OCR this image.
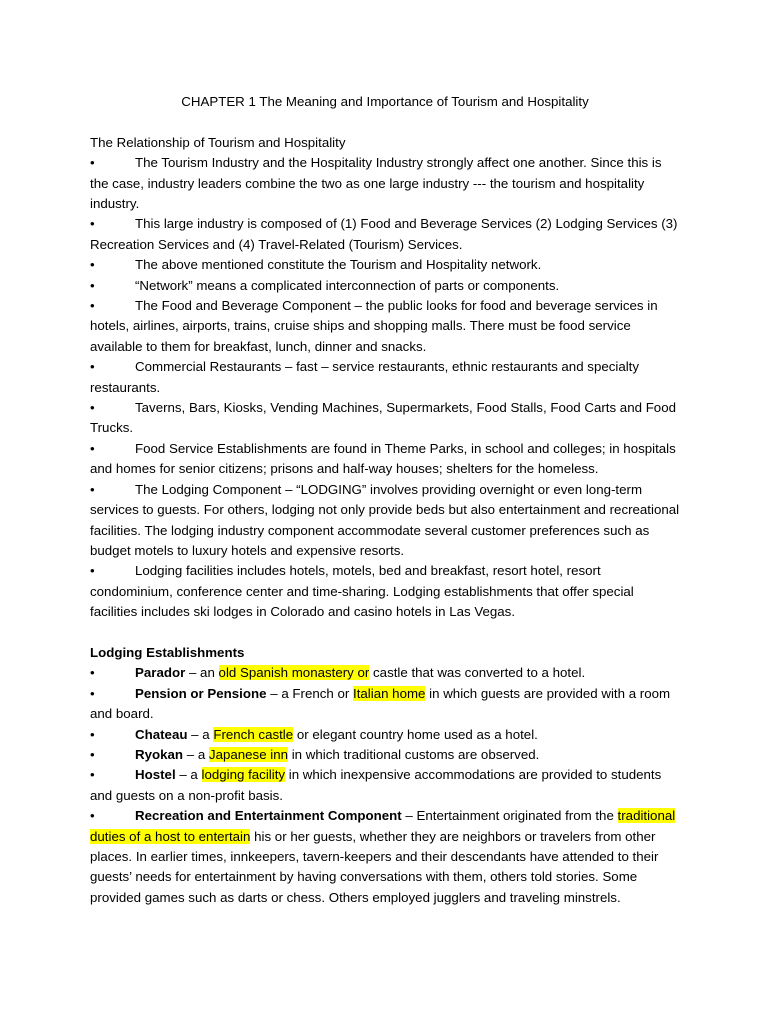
CHAPTER 1 The Meaning and Importance of Tourism and Hospitality
The Relationship of Tourism and Hospitality
•	The Tourism Industry and the Hospitality Industry strongly affect one another. Since this is the case, industry leaders combine the two as one large industry --- the tourism and hospitality industry.
•	This large industry is composed of (1) Food and Beverage Services (2) Lodging Services (3) Recreation Services and (4) Travel-Related (Tourism) Services.
•	The above mentioned constitute the Tourism and Hospitality network.
•	“Network” means a complicated interconnection of parts or components.
•	The Food and Beverage Component – the public looks for food and beverage services in hotels, airlines, airports, trains, cruise ships and shopping malls. There must be food service available to them for breakfast, lunch, dinner and snacks.
•	Commercial Restaurants – fast – service restaurants, ethnic restaurants and specialty restaurants.
•	Taverns, Bars, Kiosks, Vending Machines, Supermarkets, Food Stalls, Food Carts and Food Trucks.
•	Food Service Establishments are found in Theme Parks, in school and colleges; in hospitals and homes for senior citizens; prisons and half-way houses; shelters for the homeless.
•	The Lodging Component – “LODGING” involves providing overnight or even long-term services to guests. For others, lodging not only provide beds but also entertainment and recreational facilities. The lodging industry component accommodate several customer preferences such as budget motels to luxury hotels and expensive resorts.
•	Lodging facilities includes hotels, motels, bed and breakfast, resort hotel, resort condominium, conference center and time-sharing. Lodging establishments that offer special facilities includes ski lodges in Colorado and casino hotels in Las Vegas.
Lodging Establishments
•	Parador – an old Spanish monastery or castle that was converted to a hotel.
•	Pension or Pensione – a French or Italian home in which guests are provided with a room and board.
•	Chateau – a French castle or elegant country home used as a hotel.
•	Ryokan – a Japanese inn in which traditional customs are observed.
•	Hostel – a lodging facility in which inexpensive accommodations are provided to students and guests on a non-profit basis.
•	Recreation and Entertainment Component – Entertainment originated from the traditional duties of a host to entertain his or her guests, whether they are neighbors or travelers from other places. In earlier times, innkeepers, tavern-keepers and their descendants have attended to their guests’ needs for entertainment by having conversations with them, others told stories. Some provided games such as darts or chess. Others employed jugglers and traveling minstrels.
